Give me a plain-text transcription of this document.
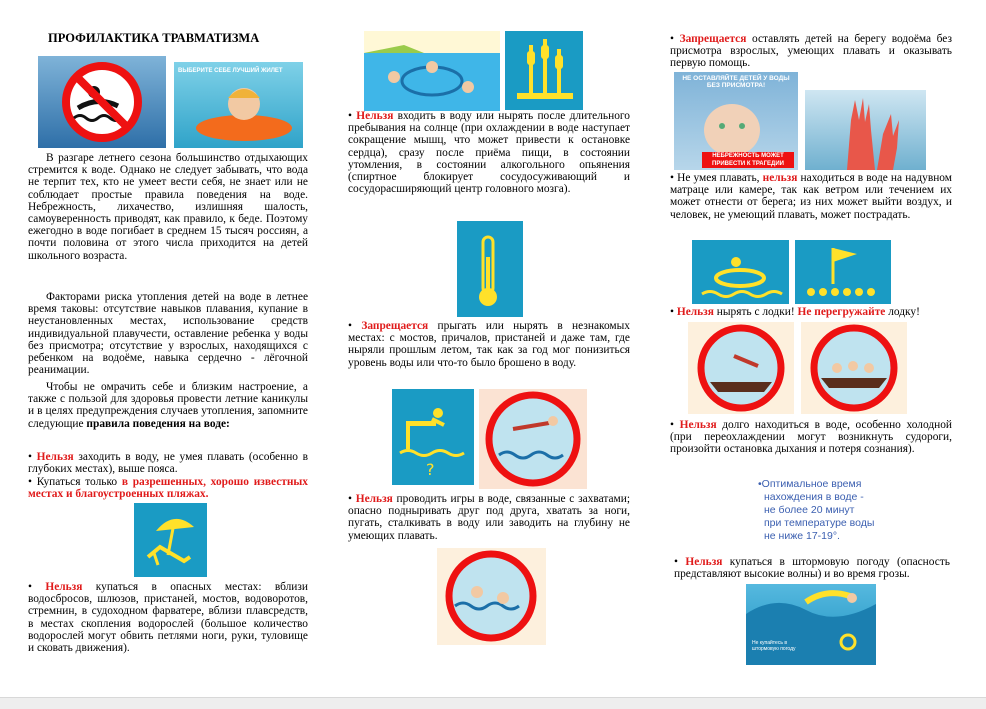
ПРОФИЛАКТИКА ТРАВМАТИЗМА
ВЫБЕРИТЕ СЕБЕ ЛУЧШИЙ ЖИЛЕТ
В разгаре летнего сезона большинство отдыхающих стремится к воде. Однако не следует забывать, что вода не терпит тех, кто не умеет вести себя, не знает или не соблюдает простые правила поведения на воде. Небрежность, лихачество, излишняя шалость, самоуверенность приводят, как правило, к беде. Поэтому ежегодно в воде погибает в среднем 15 тысяч россиян, а почти половина от этого числа приходится на детей школьного возраста.
Факторами риска утопления детей на воде в летнее время таковы: отсутствие навыков плавания, купание в неустановленных местах, использование средств индивидуальной плавучести, оставление ребенка у воды без присмотра; отсутствие у взрослых, находящихся с ребенком на водоёме, навыка сердечно - лёгочной реанимации.
Чтобы не омрачить себе и близким настроение, а также с пользой для здоровья провести летние каникулы и в целях предупреждения случаев утопления, запомните следующие правила поведения на воде:
• Нельзя заходить в воду, не умея плавать (особенно в глубоких местах), выше пояса.
• Купаться только в разрешенных, хорошо известных местах и благоустроенных пляжах.
• Нельзя купаться в опасных местах: вблизи водосбросов, шлюзов, пристаней, мостов, водоворотов, стремнин, в судоходном фарватере, вблизи плавсредств, в местах скопления водорослей (большое количество водорослей могут обвить петлями ноги, руки, туловище и сковать движения).
• Нельзя входить в воду или нырять после длительного пребывания на солнце (при охлаждении в воде наступает сокращение мышц, что может привести к остановке сердца), сразу после приёма пищи, в состоянии утомления, в состоянии алкогольного опьянения (спиртное блокирует сосудосуживающий и сосудорасширяющий центр головного мозга).
• Запрещается прыгать или нырять в незнакомых местах: с мостов, причалов, пристаней и даже там, где ныряли прошлым летом, так как за год мог понизиться уровень воды или что-то было брошено в воду.
?
• Нельзя проводить игры в воде, связанные с захватами; опасно подныривать друг под друга, хватать за ноги, пугать, сталкивать в воду или заводить на глубину не умеющих плавать.
• Запрещается оставлять детей на берегу водоёма без присмотра взрослых, умеющих плавать и оказывать первую помощь.
НЕ ОСТАВЛЯЙТЕ ДЕТЕЙ У ВОДЫ БЕЗ ПРИСМОТРА!
НЕБРЕЖНОСТЬ МОЖЕТ ПРИВЕСТИ К ТРАГЕДИИ
• Не умея плавать, нельзя находиться в воде на надувном матраце или камере, так как ветром или течением их может отнести от берега; из них может выйти воздух, и человек, не умеющий плавать, может пострадать.
• Нельзя нырять с лодки! Не перегружайте лодку!
• Нельзя долго находиться в воде, особенно холодной (при переохлаждении могут возникнуть судороги, произойти остановка дыхания и потеря сознания).
•Оптимальное время
нахождения в воде -
не более 20 минут
при температуре воды
не ниже 17-19°.
• Нельзя купаться в штормовую погоду (опасность представляют высокие волны) и во время грозы.
Не купайтесь в штормовую погоду
